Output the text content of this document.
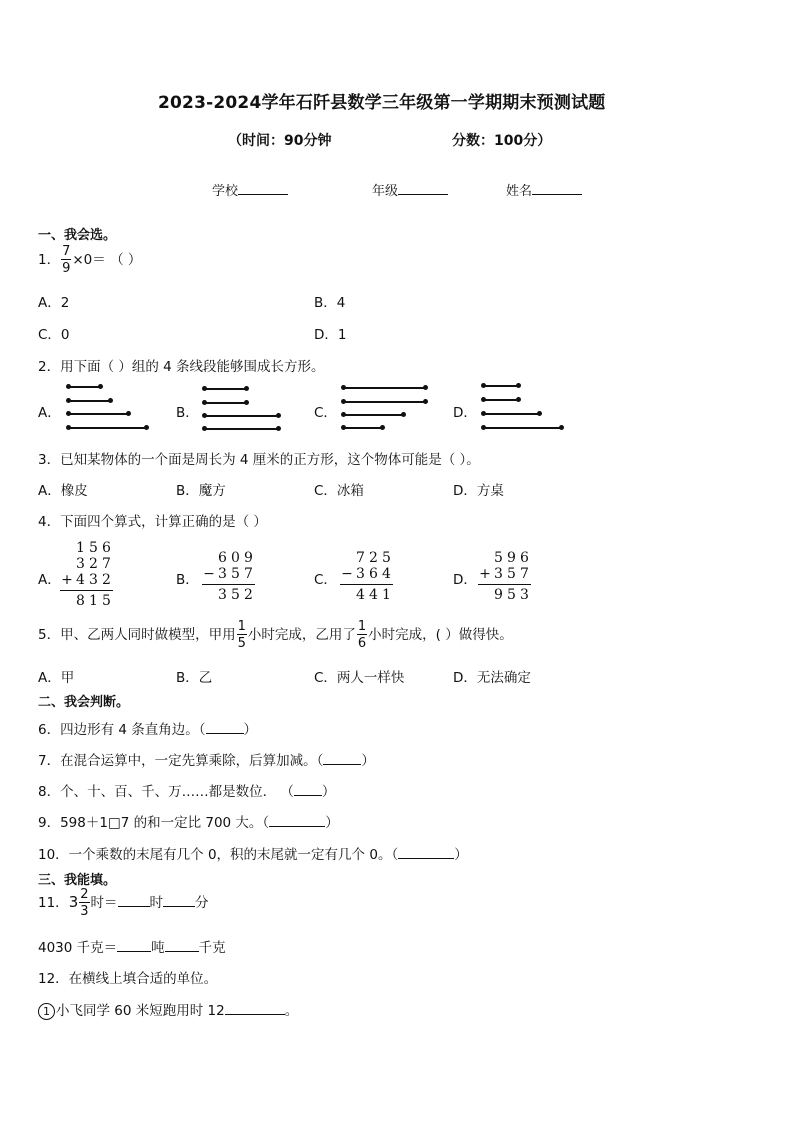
2023-2024学年石阡县数学三年级第一学期期末预测试题
（时间：90分钟	分数：100分）
学校	年级	姓名
一、我会选。
1． $\frac{7}{9} \times 0=$ （ ）
A．2	B．4
C．0	D．1
2．用下面（ ）组的 4 条线段能够围成长方形。
A．	B．	C．	D．
3．已知某物体的一个面是周长为 4 厘米的正方形，这个物体可能是（ ）。
A．橡皮	B．魔方	C．冰箱	D．方桌
4．下面四个算式，计算正确的是（ ）
A．	B．	C．	D．
1 5 6
3 2 7
+ 4 3 2
8 1 5
6 0 9
− 3 5 7
3 5 2
7 2 5
− 3 6 4
4 4 1
5 9 6
+ 3 5 7
9 5 3
5．甲、乙两人同时做模型，甲用 $\frac{1}{5}$ 小时完成，乙用了 $\frac{1}{6}$ 小时完成，( ）做得快。
A．甲	B．乙	C．两人一样快	D．无法确定
二、我会判断。
6．四边形有 4 条直角边。（	）
7．在混合运算中，一定先算乘除，后算加减。（	）
8．个、十、百、千、万……都是数位． （ ）
9．598＋1□7 的和一定比 700 大。（	）
10．一个乘数的末尾有几个 0，积的末尾就一定有几个 0。（	）
三、我能填。
11．$3 \frac{2}{3}$ 时＝ 时 分
4030 千克＝	吨	千克
12．在横线上填合适的单位。
1 小飞同学 60 米短跑用时 12	。
